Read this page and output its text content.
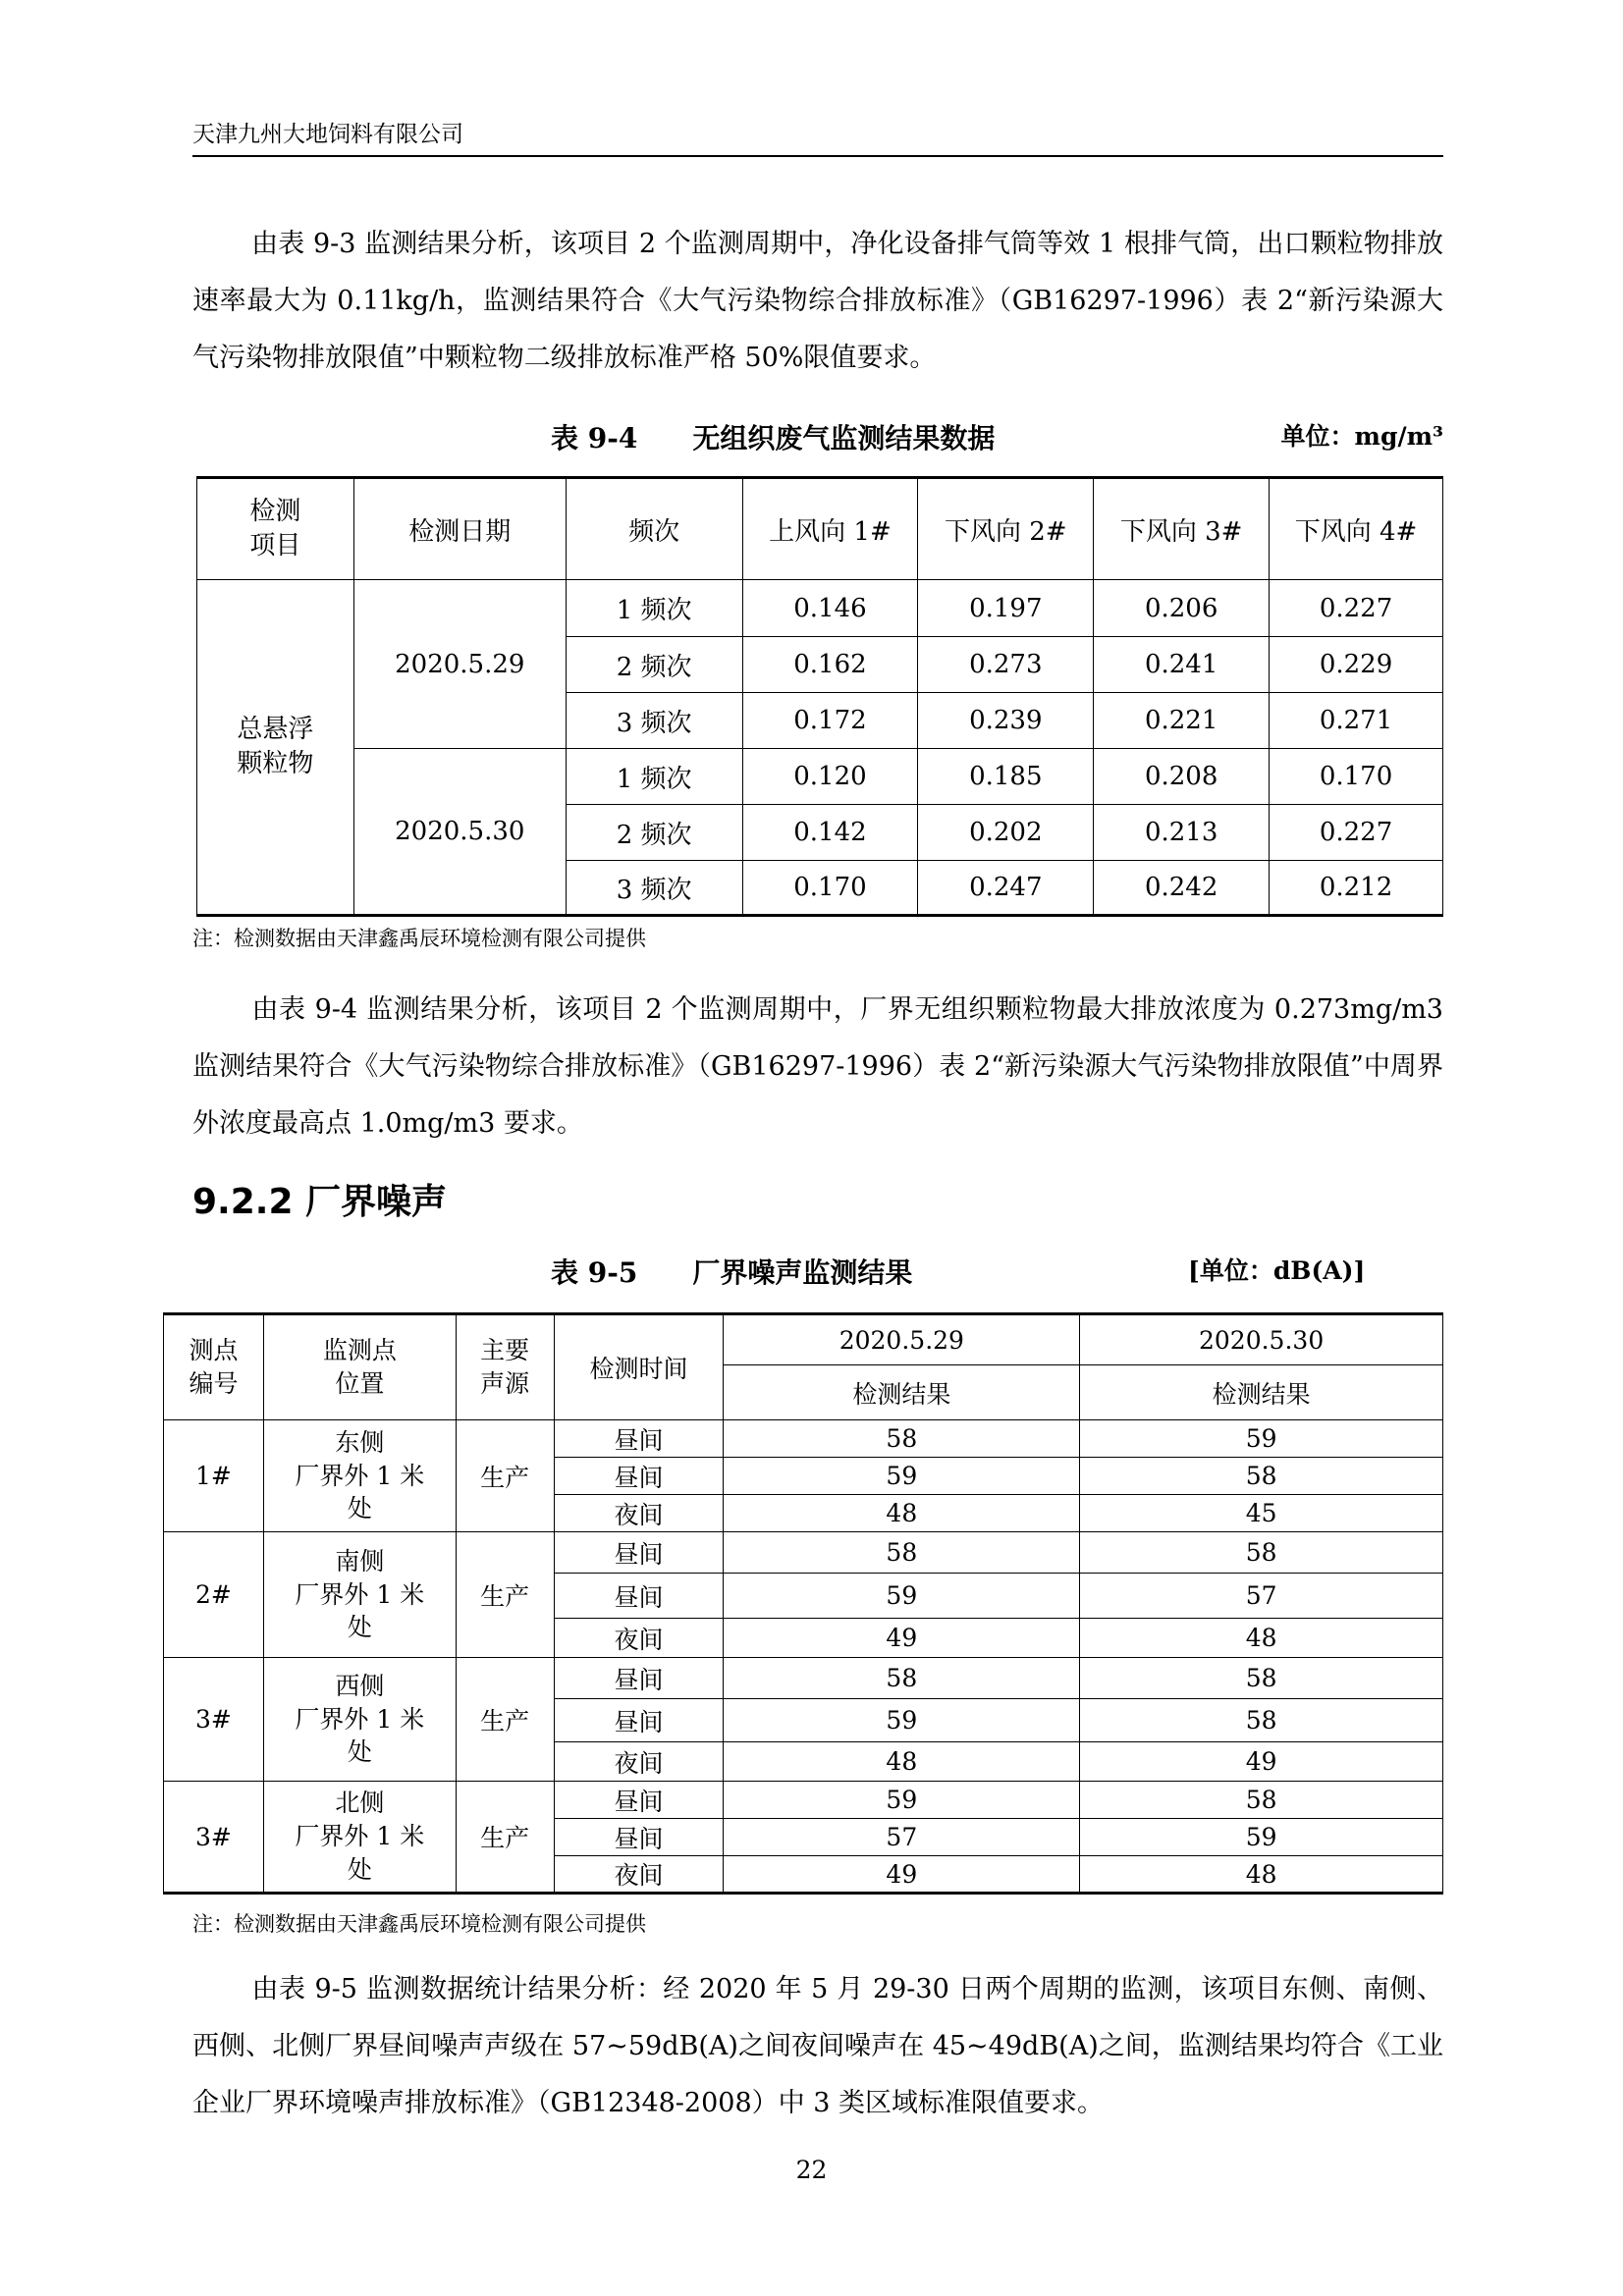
天津九州大地饲料有限公司

由表 9-3 监测结果分析，该项目 2 个监测周期中，净化设备排气筒等效 1 根排气筒，出口颗粒物排放速率最大为 0.11kg/h，监测结果符合《大气污染物综合排放标准》（GB16297-1996）表 2“新污染源大气污染物排放限值”中颗粒物二级排放标准严格 50%限值要求。

表 9-4　　无组织废气监测结果数据	单位：mg/m³
检测
项目	检测日期	频次	上风向 1#	下风向 2#	下风向 3#	下风向 4#

总悬浮
颗粒物	2020.5.29	1 频次	0.146	0.197	0.206	0.227
		2 频次	0.162	0.273	0.241	0.229
		3 频次	0.172	0.239	0.221	0.271
	2020.5.30	1 频次	0.120	0.185	0.208	0.170
		2 频次	0.142	0.202	0.213	0.227
		3 频次	0.170	0.247	0.242	0.212
注：检测数据由天津鑫禹辰环境检测有限公司提供

由表 9-4 监测结果分析，该项目 2 个监测周期中，厂界无组织颗粒物最大排放浓度为 0.273mg/m3 监测结果符合《大气污染物综合排放标准》（GB16297-1996）表 2“新污染源大气污染物排放限值”中周界外浓度最高点 1.0mg/m3 要求。

9.2.2 厂界噪声
表 9-5　　厂界噪声监测结果	[单位：dB(A)]
测点
编号	监测点
位置	主要
声源	检测时间	2020.5.29	2020.5.30
				检测结果	检测结果
1#	东侧
厂界外 1 米
处	生产	昼间	58	59
			昼间	59	58
			夜间	48	45
2#	南侧
厂界外 1 米
处	生产	昼间	58	58
			昼间	59	57
			夜间	49	48
3#	西侧
厂界外 1 米
处	生产	昼间	58	58
			昼间	59	58
			夜间	48	49
3#	北侧
厂界外 1 米
处	生产	昼间	59	58
			昼间	57	59
			夜间	49	48
注：检测数据由天津鑫禹辰环境检测有限公司提供

由表 9-5 监测数据统计结果分析：经 2020 年 5 月 29-30 日两个周期的监测，该项目东侧、南侧、西侧、北侧厂界昼间噪声声级在 57~59dB(A)之间夜间噪声在 45~49dB(A)之间，监测结果均符合《工业企业厂界环境噪声排放标准》（GB12348-2008）中 3 类区域标准限值要求。

22
